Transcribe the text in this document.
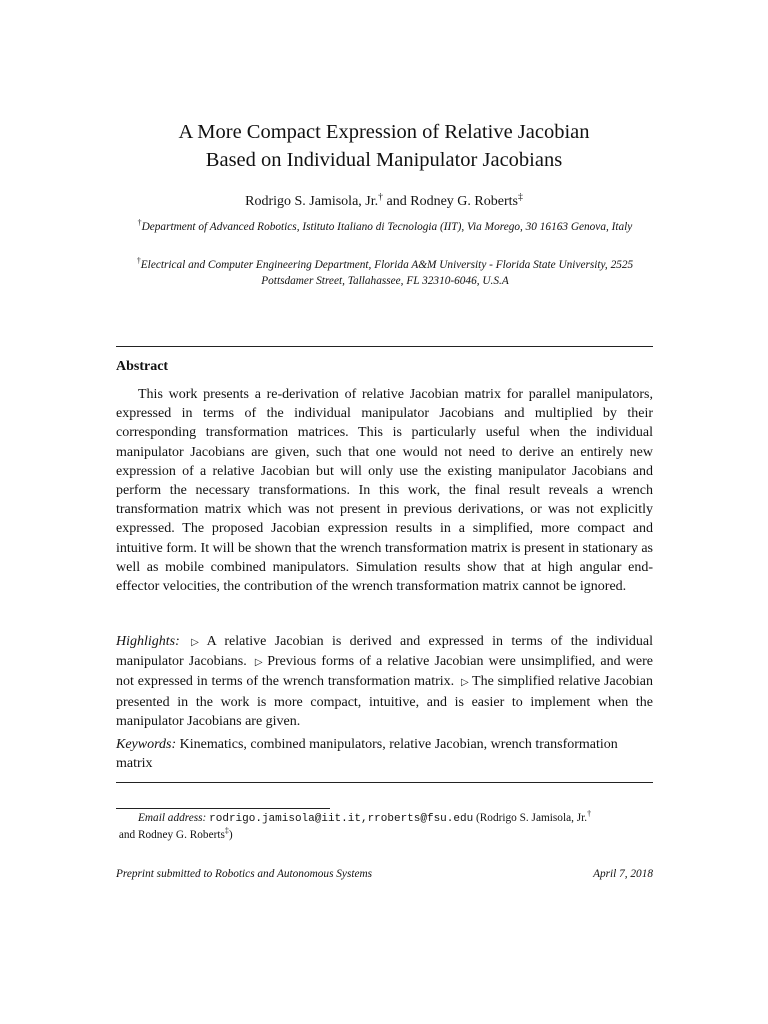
A More Compact Expression of Relative Jacobian
Based on Individual Manipulator Jacobians
Rodrigo S. Jamisola, Jr.† and Rodney G. Roberts‡
†Department of Advanced Robotics, Istituto Italiano di Tecnologia (IIT), Via Morego, 30 16163 Genova, Italy
†Electrical and Computer Engineering Department, Florida A&M University - Florida State University, 2525 Pottsdamer Street, Tallahassee, FL 32310-6046, U.S.A
Abstract
This work presents a re-derivation of relative Jacobian matrix for parallel manipulators, expressed in terms of the individual manipulator Jacobians and multiplied by their corresponding transformation matrices. This is particularly useful when the individual manipulator Jacobians are given, such that one would not need to derive an entirely new expression of a relative Jacobian but will only use the existing manipulator Jacobians and perform the necessary transformations. In this work, the final result reveals a wrench transformation matrix which was not present in previous derivations, or was not explicitly expressed. The proposed Jacobian expression results in a simplified, more compact and intuitive form. It will be shown that the wrench transformation matrix is present in stationary as well as mobile combined manipulators. Simulation results show that at high angular end-effector velocities, the contribution of the wrench transformation matrix cannot be ignored.
Highlights: ▷ A relative Jacobian is derived and expressed in terms of the individual manipulator Jacobians. ▷ Previous forms of a relative Jacobian were unsimplified, and were not expressed in terms of the wrench transformation matrix. ▷ The simplified relative Jacobian presented in the work is more compact, intuitive, and is easier to implement when the manipulator Jacobians are given.
Keywords: Kinematics, combined manipulators, relative Jacobian, wrench transformation matrix
Email address: rodrigo.jamisola@iit.it,rroberts@fsu.edu (Rodrigo S. Jamisola, Jr.† and Rodney G. Roberts‡)
Preprint submitted to Robotics and Autonomous Systems	April 7, 2018
